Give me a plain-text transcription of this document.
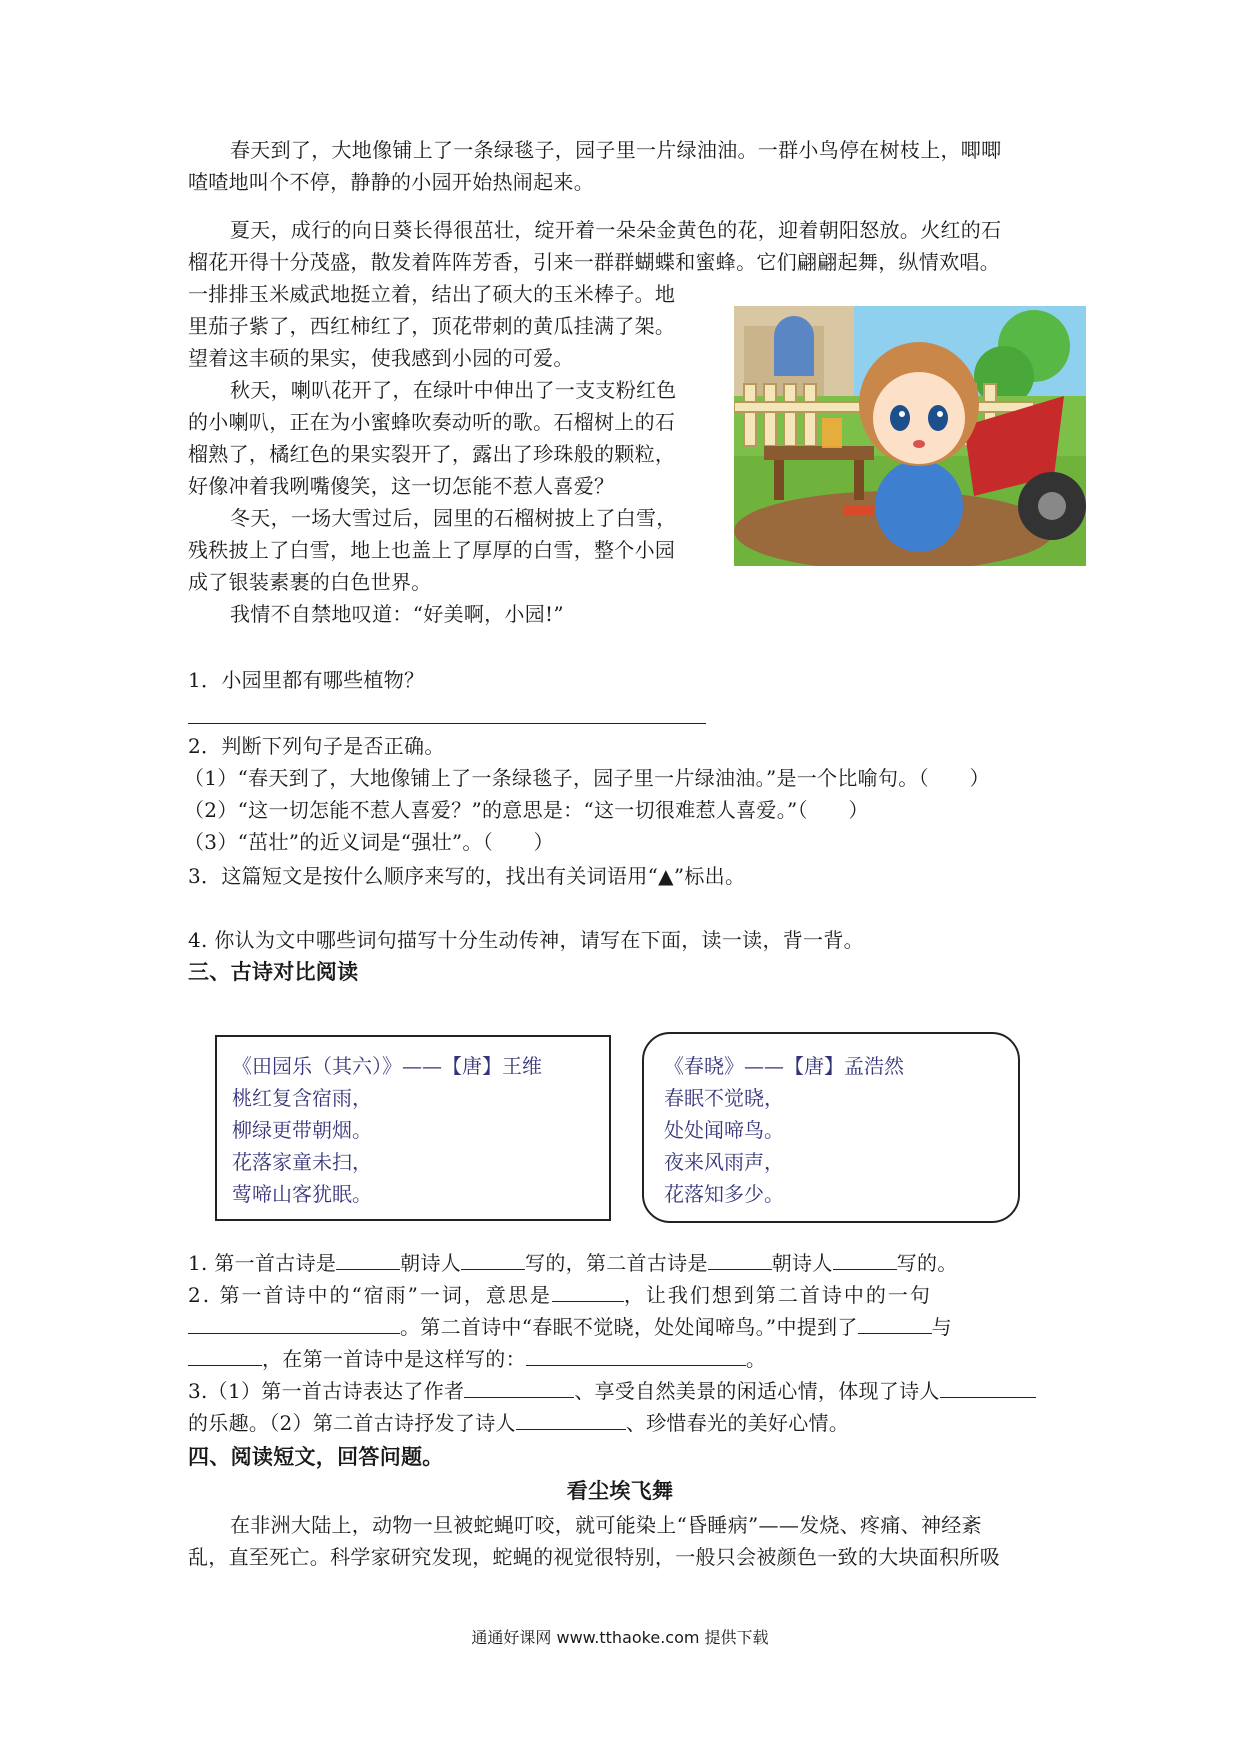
春天到了，大地像铺上了一条绿毯子，园子里一片绿油油。一群小鸟停在树枝上，唧唧
喳喳地叫个不停，静静的小园开始热闹起来。
夏天，成行的向日葵长得很茁壮，绽开着一朵朵金黄色的花，迎着朝阳怒放。火红的石
榴花开得十分茂盛，散发着阵阵芳香，引来一群群蝴蝶和蜜蜂。它们翩翩起舞，纵情欢唱。
一排排玉米威武地挺立着，结出了硕大的玉米棒子。地
里茄子紫了，西红柿红了，顶花带刺的黄瓜挂满了架。
望着这丰硕的果实，使我感到小园的可爱。
秋天，喇叭花开了，在绿叶中伸出了一支支粉红色
的小喇叭，正在为小蜜蜂吹奏动听的歌。石榴树上的石
榴熟了，橘红色的果实裂开了，露出了珍珠般的颗粒，
好像冲着我咧嘴傻笑，这一切怎能不惹人喜爱？
冬天，一场大雪过后，园里的石榴树披上了白雪，
残秩披上了白雪，地上也盖上了厚厚的白雪，整个小园
成了银装素裹的白色世界。
我情不自禁地叹道：“好美啊，小园!”
1．小园里都有哪些植物？
2．判断下列句子是否正确。
（1）“春天到了，大地像铺上了一条绿毯子，园子里一片绿油油。”是一个比喻句。（　　）
（2）“这一切怎能不惹人喜爱？”的意思是：“这一切很难惹人喜爱。”（　　）
（3）“茁壮”的近义词是“强壮”。（　　）
3．这篇短文是按什么顺序来写的，找出有关词语用“▲”标出。
4. 你认为文中哪些词句描写十分生动传神，请写在下面，读一读，背一背。
三、古诗对比阅读
《田园乐（其六）》——【唐】王维
桃红复含宿雨，
柳绿更带朝烟。
花落家童未扫，
莺啼山客犹眠。
《春晓》——【唐】孟浩然
春眠不觉晓，
处处闻啼鸟。
夜来风雨声，
花落知多少。
1. 第一首古诗是	朝诗人	写的，第二首古诗是	朝诗人	写的。
2. 第一首诗中的“宿雨”一词，意思是	，让我们想到第二首诗中的一句
。第二首诗中“春眠不觉晓，处处闻啼鸟。”中提到了	与
，在第一首诗中是这样写的：	。
3.（1）第一首古诗表达了作者	、享受自然美景的闲适心情，体现了诗人
的乐趣。（2）第二首古诗抒发了诗人	、珍惜春光的美好心情。
四、阅读短文，回答问题。
看尘埃飞舞
在非洲大陆上，动物一旦被蛇蝇叮咬，就可能染上“昏睡病”——发烧、疼痛、神经紊
乱，直至死亡。科学家研究发现，蛇蝇的视觉很特别，一般只会被颜色一致的大块面积所吸
通通好课网 www.tthaoke.com 提供下载
